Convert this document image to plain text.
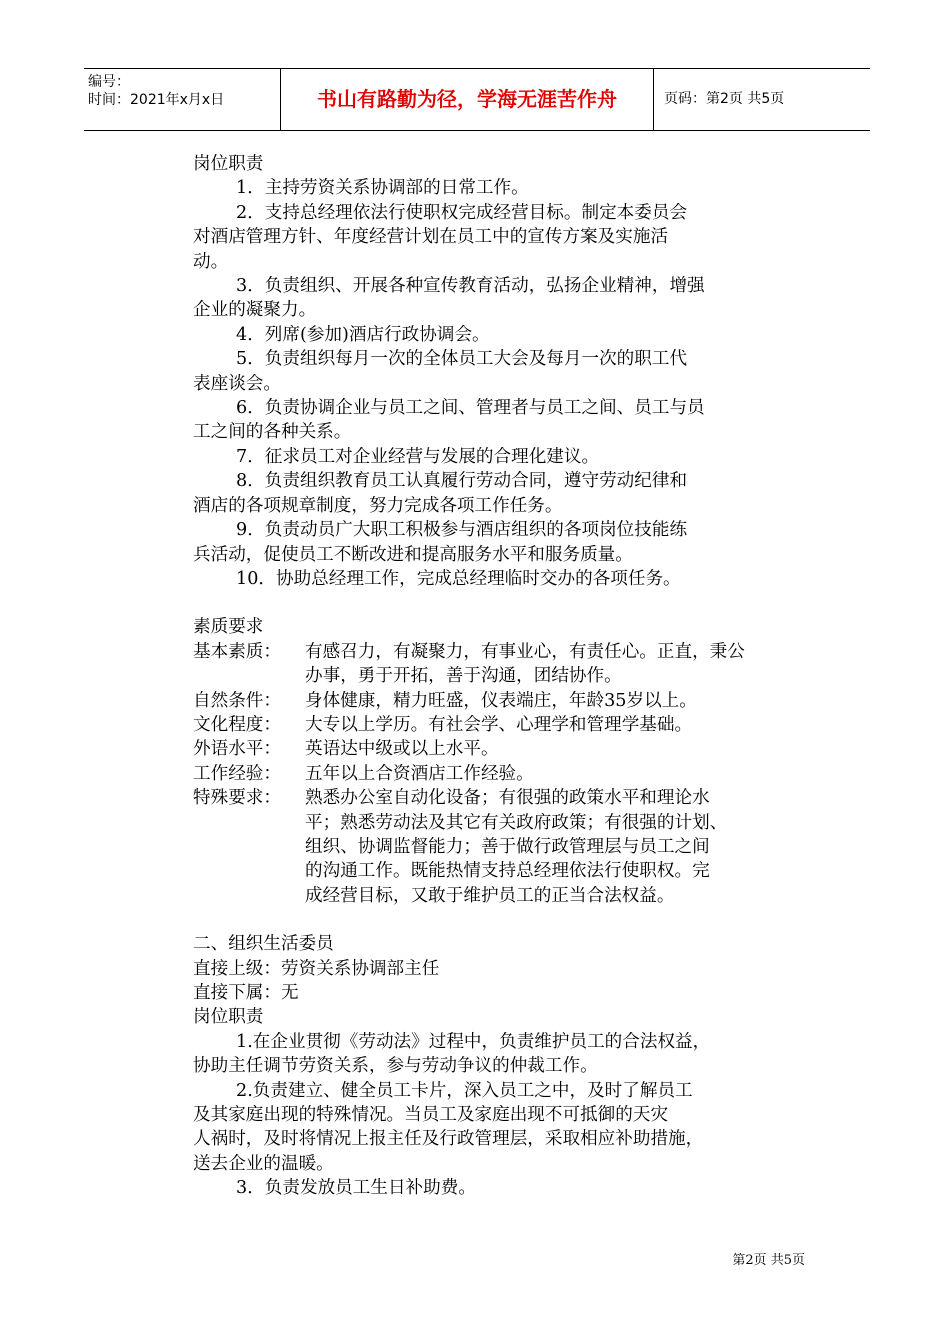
编号：
时间：2021年x月x日	书山有路勤为径，学海无涯苦作舟	页码：第2页 共5页

岗位职责

1．主持劳资关系协调部的日常工作。

2．支持总经理依法行使职权完成经营目标。制定本委员会

对酒店管理方针、年度经营计划在员工中的宣传方案及实施活

动。

3．负责组织、开展各种宣传教育活动，弘扬企业精神，增强

企业的凝聚力。

4．列席(参加)酒店行政协调会。

5．负责组织每月一次的全体员工大会及每月一次的职工代

表座谈会。

6．负责协调企业与员工之间、管理者与员工之间、员工与员

工之间的各种关系。

7．征求员工对企业经营与发展的合理化建议。

8．负责组织教育员工认真履行劳动合同，遵守劳动纪律和

酒店的各项规章制度，努力完成各项工作任务。

9．负责动员广大职工积极参与酒店组织的各项岗位技能练

兵活动，促使员工不断改进和提高服务水平和服务质量。

10．协助总经理工作，完成总经理临时交办的各项任务。

素质要求

基本素质：	有感召力，有凝聚力，有事业心，有责任心。正直，秉公

办事，勇于开拓，善于沟通，团结协作。

自然条件：	身体健康，精力旺盛，仪表端庄，年龄35岁以上。
文化程度：	大专以上学历。有社会学、心理学和管理学基础。
外语水平：	英语达中级或以上水平。
工作经验：	五年以上合资酒店工作经验。
特殊要求：	熟悉办公室自动化设备；有很强的政策水平和理论水

平；熟悉劳动法及其它有关政府政策；有很强的计划、

组织、协调监督能力；善于做行政管理层与员工之间

的沟通工作。既能热情支持总经理依法行使职权。完

成经营目标，又敢于维护员工的正当合法权益。

二、组织生活委员

直接上级：劳资关系协调部主任

直接下属：无

岗位职责

1.在企业贯彻《劳动法》过程中，负责维护员工的合法权益，

协助主任调节劳资关系，参与劳动争议的仲裁工作。

2.负责建立、健全员工卡片，深入员工之中，及时了解员工

及其家庭出现的特殊情况。当员工及家庭出现不可抵御的天灾

人祸时，及时将情况上报主任及行政管理层，采取相应补助措施，

送去企业的温暖。

3．负责发放员工生日补助费。

第2页 共5页
